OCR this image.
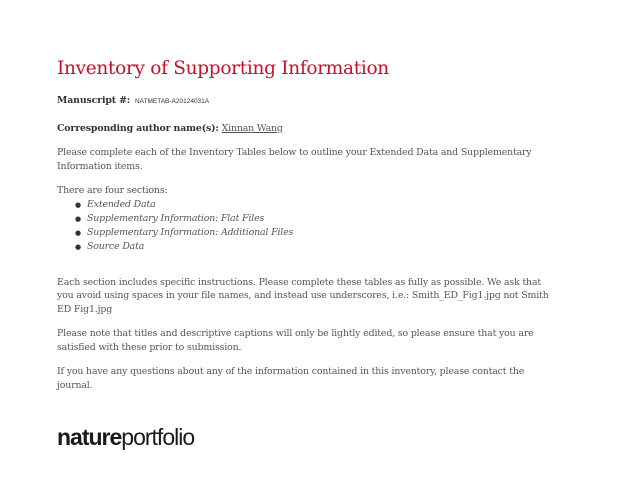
Inventory of Supporting Information

Manuscript #: NATMETAB-A20124031A

Corresponding author name(s): Xinnan Wang

Please complete each of the Inventory Tables below to outline your Extended Data and Supplementary Information items.

There are four sections:

● Extended Data
● Supplementary Information: Flat Files
● Supplementary Information: Additional Files
● Source Data

Each section includes specific instructions. Please complete these tables as fully as possible. We ask that you avoid using spaces in your file names, and instead use underscores, i.e.: Smith_ED_Fig1.jpg not Smith ED Fig1.jpg

Please note that titles and descriptive captions will only be lightly edited, so please ensure that you are satisfied with these prior to submission.

If you have any questions about any of the information contained in this inventory, please contact the journal.

natureportfolio
